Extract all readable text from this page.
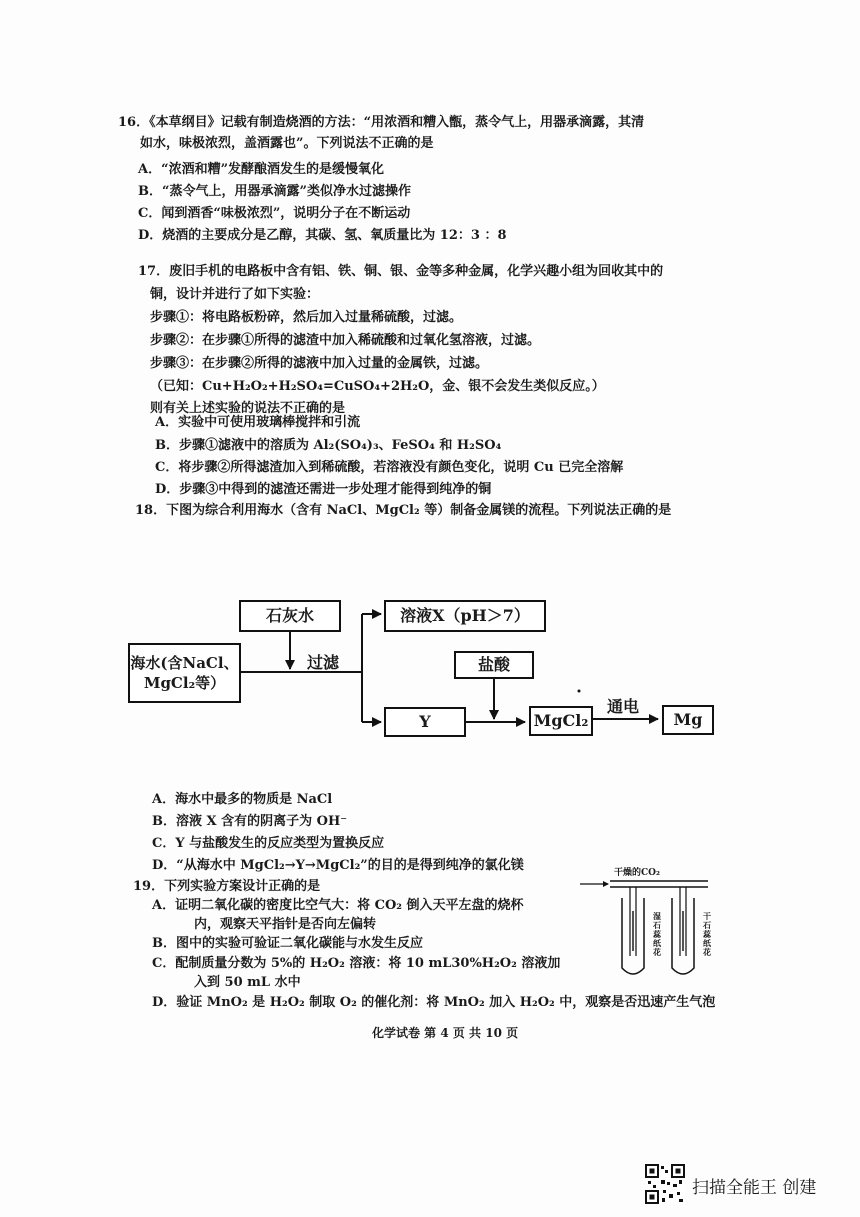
16．《本草纲目》记载有制造烧酒的方法：“用浓酒和糟入甑，蒸令气上，用器承滴露，其清
如水，味极浓烈，盖酒露也”。下列说法不正确的是
A．“浓酒和糟”发酵酿酒发生的是缓慢氧化
B．“蒸令气上，用器承滴露”类似净水过滤操作
C．闻到酒香“味极浓烈”，说明分子在不断运动
D．烧酒的主要成分是乙醇，其碳、氢、氧质量比为 12：3 ：8
17．废旧手机的电路板中含有铝、铁、铜、银、金等多种金属，化学兴趣小组为回收其中的
铜，设计并进行了如下实验：
步骤①：将电路板粉碎，然后加入过量稀硫酸，过滤。
步骤②：在步骤①所得的滤渣中加入稀硫酸和过氧化氢溶液，过滤。
步骤③：在步骤②所得的滤液中加入过量的金属铁，过滤。
（已知：Cu+H₂O₂+H₂SO₄=CuSO₄+2H₂O，金、银不会发生类似反应。）
则有关上述实验的说法不正确的是
A．实验中可使用玻璃棒搅拌和引流
B．步骤①滤液中的溶质为 Al₂(SO₄)₃、FeSO₄ 和 H₂SO₄
C．将步骤②所得滤渣加入到稀硫酸，若溶液没有颜色变化，说明 Cu 已完全溶解
D．步骤③中得到的滤渣还需进一步处理才能得到纯净的铜
18．下图为综合利用海水（含有 NaCl、MgCl₂ 等）制备金属镁的流程。下列说法正确的是
石灰水
海水(含NaCl、
MgCl₂等）
过滤
溶液X（pH＞7）
盐酸
Y	MgCl₂
通电
Mg
A．海水中最多的物质是 NaCl
B．溶液 X 含有的阴离子为 OH⁻
C．Y 与盐酸发生的反应类型为置换反应
D．“从海水中 MgCl₂→Y→MgCl₂”的目的是得到纯净的氯化镁
19．下列实验方案设计正确的是
A．证明二氧化碳的密度比空气大：将 CO₂ 倒入天平左盘的烧杯
内，观察天平指针是否向左偏转
B．图中的实验可验证二氧化碳能与水发生反应
C．配制质量分数为 5%的 H₂O₂ 溶液：将 10 mL30%H₂O₂ 溶液加
入到 50 mL 水中
D．验证 MnO₂ 是 H₂O₂ 制取 O₂ 的催化剂：将 MnO₂ 加入 H₂O₂ 中，观察是否迅速产生气泡
干燥的CO₂
湿石蕊纸花
干石蕊纸花
化学试卷 第 4 页 共 10 页
扫描全能王 创建
